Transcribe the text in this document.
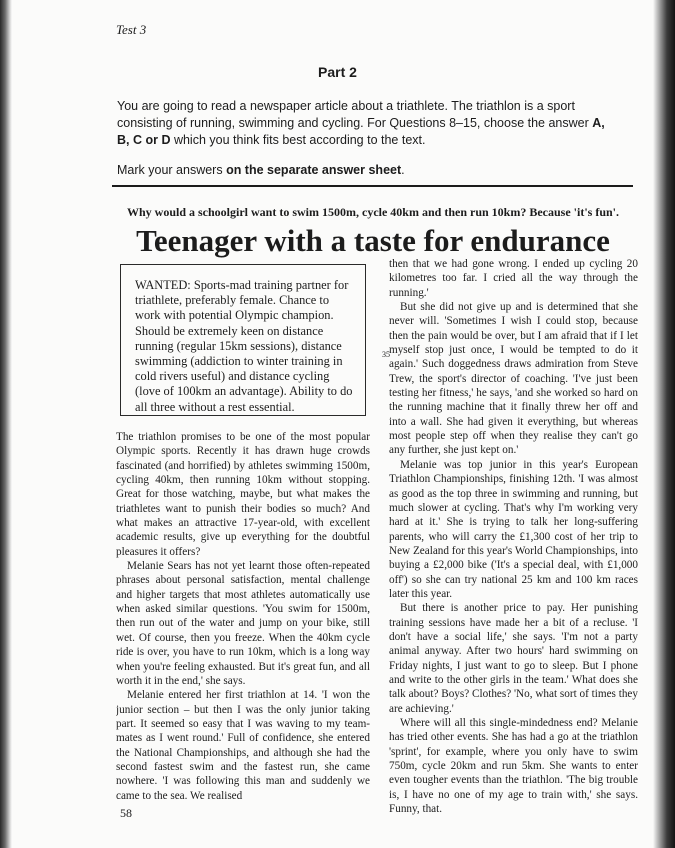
Test 3
Part 2
You are going to read a newspaper article about a triathlete. The triathlon is a sport consisting of running, swimming and cycling. For Questions 8–15, choose the answer A, B, C or D which you think fits best according to the text.
Mark your answers on the separate answer sheet.
Why would a schoolgirl want to swim 1500m, cycle 40km and then run 10km? Because 'it's fun'.
Teenager with a taste for endurance
WANTED: Sports-mad training partner for triathlete, preferably female. Chance to work with potential Olympic champion. Should be extremely keen on distance running (regular 15km sessions), distance swimming (addiction to winter training in cold rivers useful) and distance cycling (love of 100km an advantage). Ability to do all three without a rest essential.

The triathlon promises to be one of the most popular Olympic sports. Recently it has drawn huge crowds fascinated (and horrified) by athletes swimming 1500m, cycling 40km, then running 10km without stopping. Great for those watching, maybe, but what makes the triathletes want to punish their bodies so much? And what makes an attractive 17-year-old, with excellent academic results, give up everything for the doubtful pleasures it offers?

Melanie Sears has not yet learnt those often-repeated phrases about personal satisfaction, mental challenge and higher targets that most athletes automatically use when asked similar questions. 'You swim for 1500m, then run out of the water and jump on your bike, still wet. Of course, then you freeze. When the 40km cycle ride is over, you have to run 10km, which is a long way when you're feeling exhausted. But it's great fun, and all worth it in the end,' she says.

Melanie entered her first triathlon at 14. 'I won the junior section – but then I was the only junior taking part. It seemed so easy that I was waving to my team-mates as I went round.' Full of confidence, she entered the National Championships, and although she had the second fastest swim and the fastest run, she came nowhere. 'I was following this man and suddenly we came to the sea. We realised

then that we had gone wrong. I ended up cycling 20 kilometres too far. I cried all the way through the running.'

But she did not give up and is determined that she never will. 'Sometimes I wish I could stop, because then the pain would be over, but I am afraid that if I let myself stop just once, I would be tempted to do it again.' Such doggedness draws admiration from Steve Trew, the sport's director of coaching. 'I've just been testing her fitness,' he says, 'and she worked so hard on the running machine that it finally threw her off and into a wall. She had given it everything, but whereas most people step off when they realise they can't go any further, she just kept on.'

Melanie was top junior in this year's European Triathlon Championships, finishing 12th. 'I was almost as good as the top three in swimming and running, but much slower at cycling. That's why I'm working very hard at it.' She is trying to talk her long-suffering parents, who will carry the £1,300 cost of her trip to New Zealand for this year's World Championships, into buying a £2,000 bike ('It's a special deal, with £1,000 off') so she can try national 25 km and 100 km races later this year.

But there is another price to pay. Her punishing training sessions have made her a bit of a recluse. 'I don't have a social life,' she says. 'I'm not a party animal anyway. After two hours' hard swimming on Friday nights, I just want to go to sleep. But I phone and write to the other girls in the team.' What does she talk about? Boys? Clothes? 'No, what sort of times they are achieving.'

Where will all this single-mindedness end? Melanie has tried other events. She has had a go at the triathlon 'sprint', for example, where you only have to swim 750m, cycle 20km and run 5km. She wants to enter even tougher events than the triathlon. 'The big trouble is, I have no one of my age to train with,' she says. Funny, that.

35
58
